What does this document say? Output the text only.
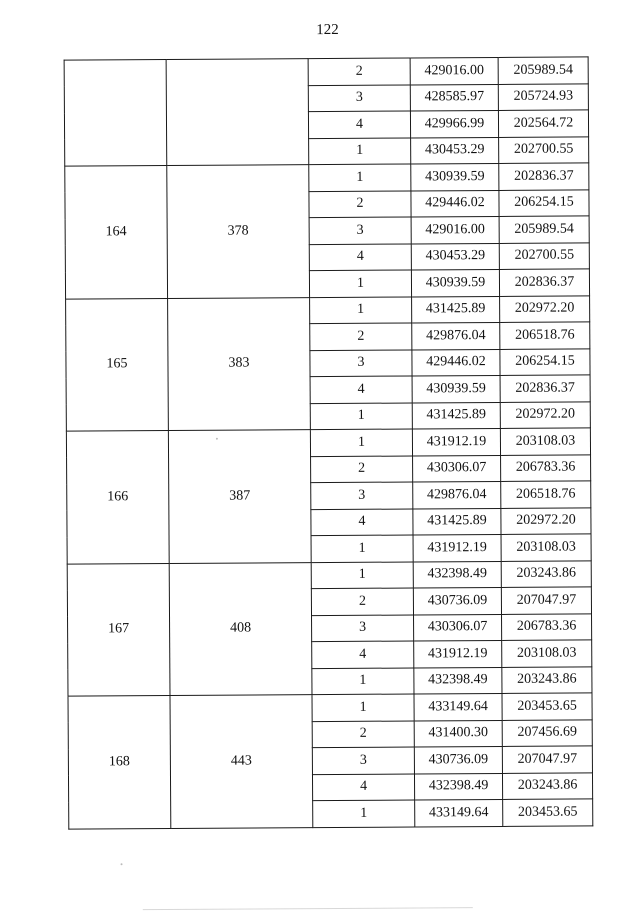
122
		2	429016.00	205989.54
		3	428585.97	205724.93
		4	429966.99	202564.72
		1	430453.29	202700.55
164	378	1	430939.59	202836.37
		2	429446.02	206254.15
		3	429016.00	205989.54
		4	430453.29	202700.55
		1	430939.59	202836.37
165	383	1	431425.89	202972.20
		2	429876.04	206518.76
		3	429446.02	206254.15
		4	430939.59	202836.37
		1	431425.89	202972.20
166	387	1	431912.19	203108.03
		2	430306.07	206783.36
		3	429876.04	206518.76
		4	431425.89	202972.20
		1	431912.19	203108.03
167	408	1	432398.49	203243.86
		2	430736.09	207047.97
		3	430306.07	206783.36
		4	431912.19	203108.03
		1	432398.49	203243.86
168	443	1	433149.64	203453.65
		2	431400.30	207456.69
		3	430736.09	207047.97
		4	432398.49	203243.86
		1	433149.64	203453.65
